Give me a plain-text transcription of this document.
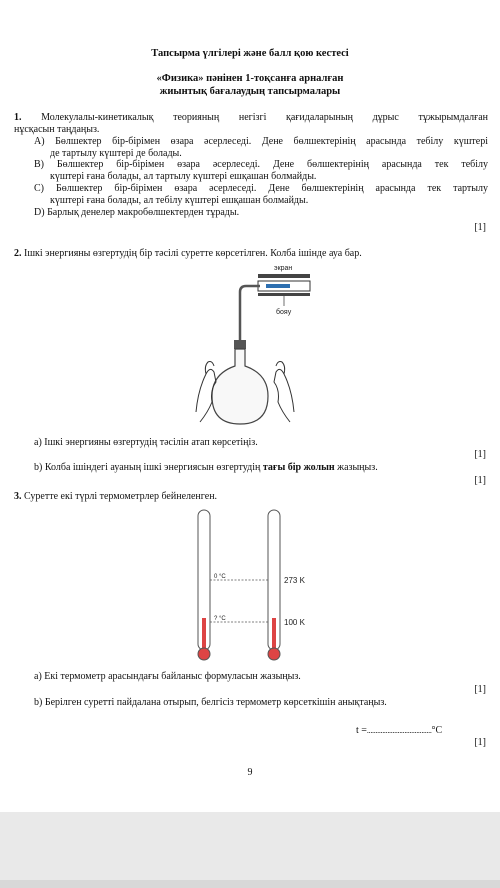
Тапсырма үлгілері және балл қою кестесі
«Физика» пәнінен 1-тоқсанға арналған
жиынтық бағалаудың тапсырмалары
1. Молекулалы-кинетикалық теорияның негізгі қағидаларының дұрыс тұжырымдалған
нұсқасын таңдаңыз.
A) Бөлшектер бір-бірімен өзара әсерлеседі. Дене бөлшектерінің арасында тебілу күштері
де тартылу күштері де болады.
B) Бөлшектер бір-бірімен өзара әсерлеседі. Дене бөлшектерінің арасында тек тебілу
күштері ғана болады, ал тартылу күштері ешқашан болмайды.
C) Бөлшектер бір-бірімен өзара әсерлеседі. Дене бөлшектерінің арасында тек тартылу
күштері ғана болады, ал тебілу күштері ешқашан болмайды.
D) Барлық денелер макробөлшектерден тұрады.
[1]
2. Ішкі энергияны өзгертудің бір тәсілі суретте көрсетілген. Колба ішінде ауа бар.
экран
бояу
a) Ішкі энергияны өзгертудің тәсілін атап көрсетіңіз.
[1]
b) Колба ішіндегі ауаның ішкі энергиясын өзгертудің тағы бір жолын жазыңыз.
[1]
3. Суретте екі түрлі термометрлер бейнеленген.
0 °C
? °C
273 K
100 K
a) Екі термометр арасындағы байланыс формуласын жазыңыз.
[1]
b) Берілген суретті пайдалана отырып, белгісіз термометр көрсеткішін анықтаңыз.
t =......................................°C
[1]
9
